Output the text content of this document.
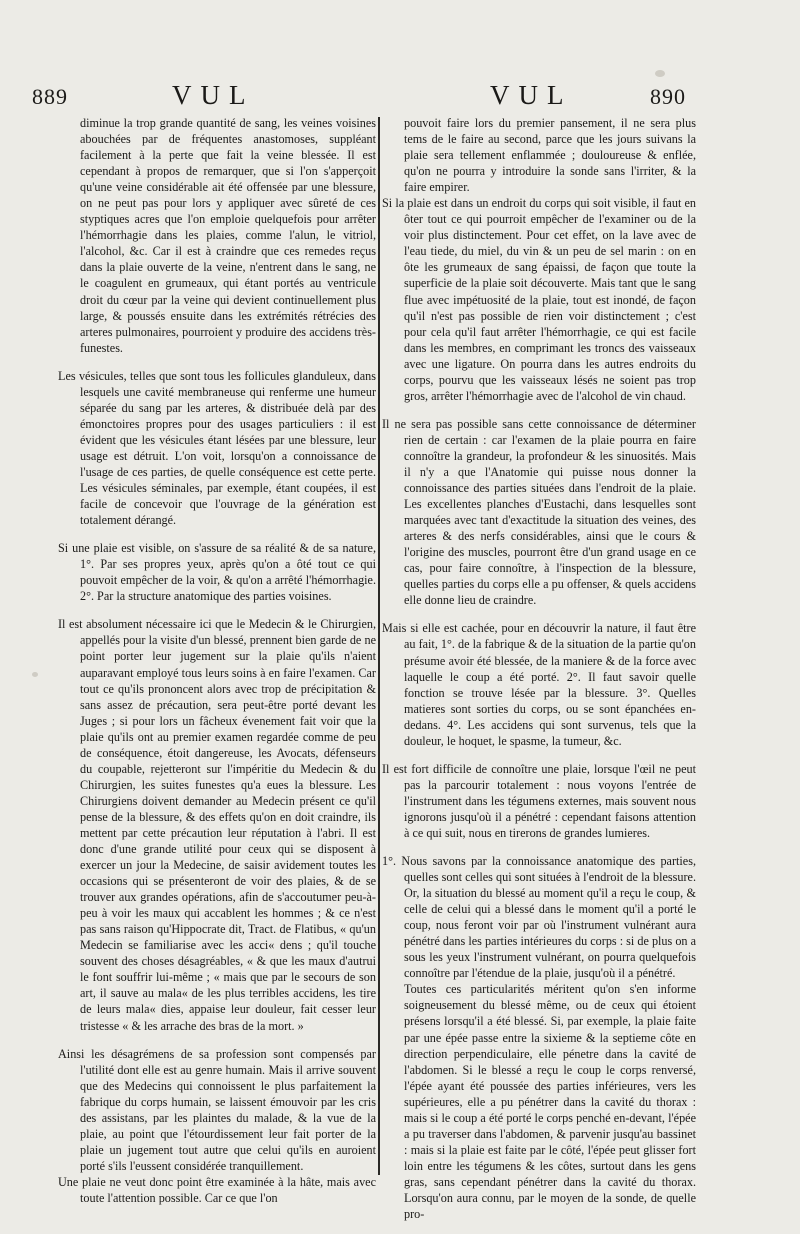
889	VUL	VUL	890

diminue la trop grande quantité de sang, les veines voisines abouchées par de fréquentes anastomoses, suppléant facilement à la perte que fait la veine blessée. Il est cependant à propos de remarquer, que si l'on s'apperçoit qu'une veine considérable ait été offensée par une blessure, on ne peut pas pour lors y appliquer avec sûreté de ces styptiques acres que l'on emploie quelquefois pour arrêter l'hémorrhagie dans les plaies, comme l'alun, le vitriol, l'alcohol, &c. Car il est à craindre que ces remedes reçus dans la plaie ouverte de la veine, n'entrent dans le sang, ne le coagulent en grumeaux, qui étant portés au ventricule droit du cœur par la veine qui devient continuellement plus large, & poussés ensuite dans les extrémités rétrécies des arteres pulmonaires, pourroient y produire des accidens très-funestes.

Les vésicules, telles que sont tous les follicules glanduleux, dans lesquels une cavité membraneuse qui renferme une humeur séparée du sang par les arteres, & distribuée delà par des émonctoires propres pour des usages particuliers : il est évident que les vésicules étant lésées par une blessure, leur usage est détruit. L'on voit, lorsqu'on a connoissance de l'usage de ces parties, de quelle conséquence est cette perte. Les vésicules séminales, par exemple, étant coupées, il est facile de concevoir que l'ouvrage de la génération est totalement dérangé.

Si une plaie est visible, on s'assure de sa réalité & de sa nature, 1°. Par ses propres yeux, après qu'on a ôté tout ce qui pouvoit empêcher de la voir, & qu'on a arrêté l'hémorrhagie. 2°. Par la structure anatomique des parties voisines.

Il est absolument nécessaire ici que le Medecin & le Chirurgien, appellés pour la visite d'un blessé, prennent bien garde de ne point porter leur jugement sur la plaie qu'ils n'aient auparavant employé tous leurs soins à en faire l'examen. Car tout ce qu'ils prononcent alors avec trop de précipitation & sans assez de précaution, sera peut-être porté devant les Juges ; si pour lors un fâcheux évenement fait voir que la plaie qu'ils ont au premier examen regardée comme de peu de conséquence, étoit dangereuse, les Avocats, défenseurs du coupable, rejetteront sur l'impéritie du Medecin & du Chirurgien, les suites funestes qu'a eues la blessure. Les Chirurgiens doivent demander au Medecin présent ce qu'il pense de la blessure, & des effets qu'on en doit craindre, ils mettent par cette précaution leur réputation à l'abri. Il est donc d'une grande utilité pour ceux qui se disposent à exercer un jour la Medecine, de saisir avidement toutes les occasions qui se présenteront de voir des plaies, & de se trouver aux grandes opérations, afin de s'accoutumer peu-à-peu à voir les maux qui accablent les hommes ; & ce n'est pas sans raison qu'Hippocrate dit, Tract. de Flatibus, « qu'un Medecin se familiarise avec les acci« dens ; qu'il touche souvent des choses désagréables, « & que les maux d'autrui le font souffrir lui-même ; « mais que par le secours de son art, il sauve au mala« de les plus terribles accidens, les tire de leurs mala« dies, appaise leur douleur, fait cesser leur tristesse « & les arrache des bras de la mort. »

Ainsi les désagrémens de sa profession sont compensés par l'utilité dont elle est au genre humain. Mais il arrive souvent que des Medecins qui connoissent le plus parfaitement la fabrique du corps humain, se laissent émouvoir par les cris des assistans, par les plaintes du malade, & la vue de la plaie, au point que l'étourdissement leur fait porter de la plaie un jugement tout autre que celui qu'ils en auroient porté s'ils l'eussent considérée tranquillement.

Une plaie ne veut donc point être examinée à la hâte, mais avec toute l'attention possible. Car ce que l'on

pouvoit faire lors du premier pansement, il ne sera plus tems de le faire au second, parce que les jours suivans la plaie sera tellement enflammée ; douloureuse & enflée, qu'on ne pourra y introduire la sonde sans l'irriter, & la faire empirer.

Si la plaie est dans un endroit du corps qui soit visible, il faut en ôter tout ce qui pourroit empêcher de l'examiner ou de la voir plus distinctement. Pour cet effet, on la lave avec de l'eau tiede, du miel, du vin & un peu de sel marin : on en ôte les grumeaux de sang épaissi, de façon que toute la superficie de la plaie soit découverte. Mais tant que le sang flue avec impétuosité de la plaie, tout est inondé, de façon qu'il n'est pas possible de rien voir distinctement ; c'est pour cela qu'il faut arrêter l'hémorrhagie, ce qui est facile dans les membres, en comprimant les troncs des vaisseaux avec une ligature. On pourra dans les autres endroits du corps, pourvu que les vaisseaux lésés ne soient pas trop gros, arrêter l'hémorrhagie avec de l'alcohol de vin chaud.

Il ne sera pas possible sans cette connoissance de déterminer rien de certain : car l'examen de la plaie pourra en faire connoître la grandeur, la profondeur & les sinuosités. Mais il n'y a que l'Anatomie qui puisse nous donner la connoissance des parties situées dans l'endroit de la plaie. Les excellentes planches d'Eustachi, dans lesquelles sont marquées avec tant d'exactitude la situation des veines, des arteres & des nerfs considérables, ainsi que le cours & l'origine des muscles, pourront être d'un grand usage en ce cas, pour faire connoître, à l'inspection de la blessure, quelles parties du corps elle a pu offenser, & quels accidens elle donne lieu de craindre.

Mais si elle est cachée, pour en découvrir la nature, il faut être au fait, 1°. de la fabrique & de la situation de la partie qu'on présume avoir été blessée, de la maniere & de la force avec laquelle le coup a été porté. 2°. Il faut savoir quelle fonction se trouve lésée par la blessure. 3°. Quelles matieres sont sorties du corps, ou se sont épanchées en-dedans. 4°. Les accidens qui sont survenus, tels que la douleur, le hoquet, le spasme, la tumeur, &c.

Il est fort difficile de connoître une plaie, lorsque l'œil ne peut pas la parcourir totalement : nous voyons l'entrée de l'instrument dans les tégumens externes, mais souvent nous ignorons jusqu'où il a pénétré : cependant faisons attention à ce qui suit, nous en tirerons de grandes lumieres.

1°. Nous savons par la connoissance anatomique des parties, quelles sont celles qui sont situées à l'endroit de la blessure. Or, la situation du blessé au moment qu'il a reçu le coup, & celle de celui qui a blessé dans le moment qu'il a porté le coup, nous feront voir par où l'instrument vulnérant aura pénétré dans les parties intérieures du corps : si de plus on a sous les yeux l'instrument vulnérant, on pourra quelquefois connoître par l'étendue de la plaie, jusqu'où il a pénétré.

Toutes ces particularités méritent qu'on s'en informe soigneusement du blessé même, ou de ceux qui étoient présens lorsqu'il a été blessé. Si, par exemple, la plaie faite par une épée passe entre la sixieme & la septieme côte en direction perpendiculaire, elle pénetre dans la cavité de l'abdomen. Si le blessé a reçu le coup le corps renversé, l'épée ayant été poussée des parties inférieures, vers les supérieures, elle a pu pénétrer dans la cavité du thorax : mais si le coup a été porté le corps penché en-devant, l'épée a pu traverser dans l'abdomen, & parvenir jusqu'au bassinet : mais si la plaie est faite par le côté, l'épée peut glisser fort loin entre les tégumens & les côtes, surtout dans les gens gras, sans cependant pénétrer dans la cavité du thorax. Lorsqu'on aura connu, par le moyen de la sonde, de quelle pro-
